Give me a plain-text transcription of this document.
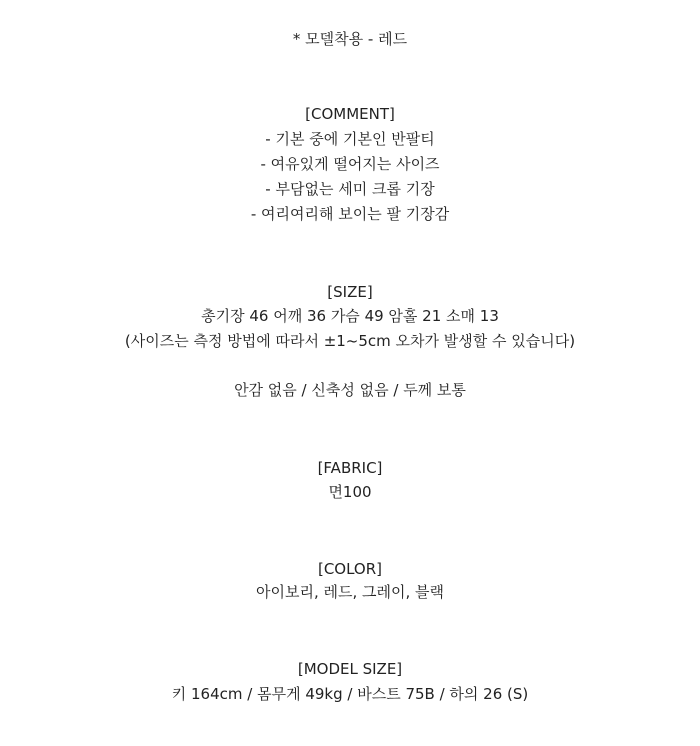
* 모델착용 - 레드
[COMMENT]
- 기본 중에 기본인 반팔티
- 여유있게 떨어지는 사이즈
- 부담없는 세미 크롭 기장
- 여리여리해 보이는 팔 기장감
[SIZE]
총기장 46 어깨 36 가슴 49 암홀 21 소매 13
(사이즈는 측정 방법에 따라서 ±1~5cm 오차가 발생할 수 있습니다)
안감 없음 / 신축성 없음 / 두께 보통
[FABRIC]
면100
[COLOR]
아이보리, 레드, 그레이, 블랙
[MODEL SIZE]
키 164cm / 몸무게 49kg / 바스트 75B / 하의 26 (S)
